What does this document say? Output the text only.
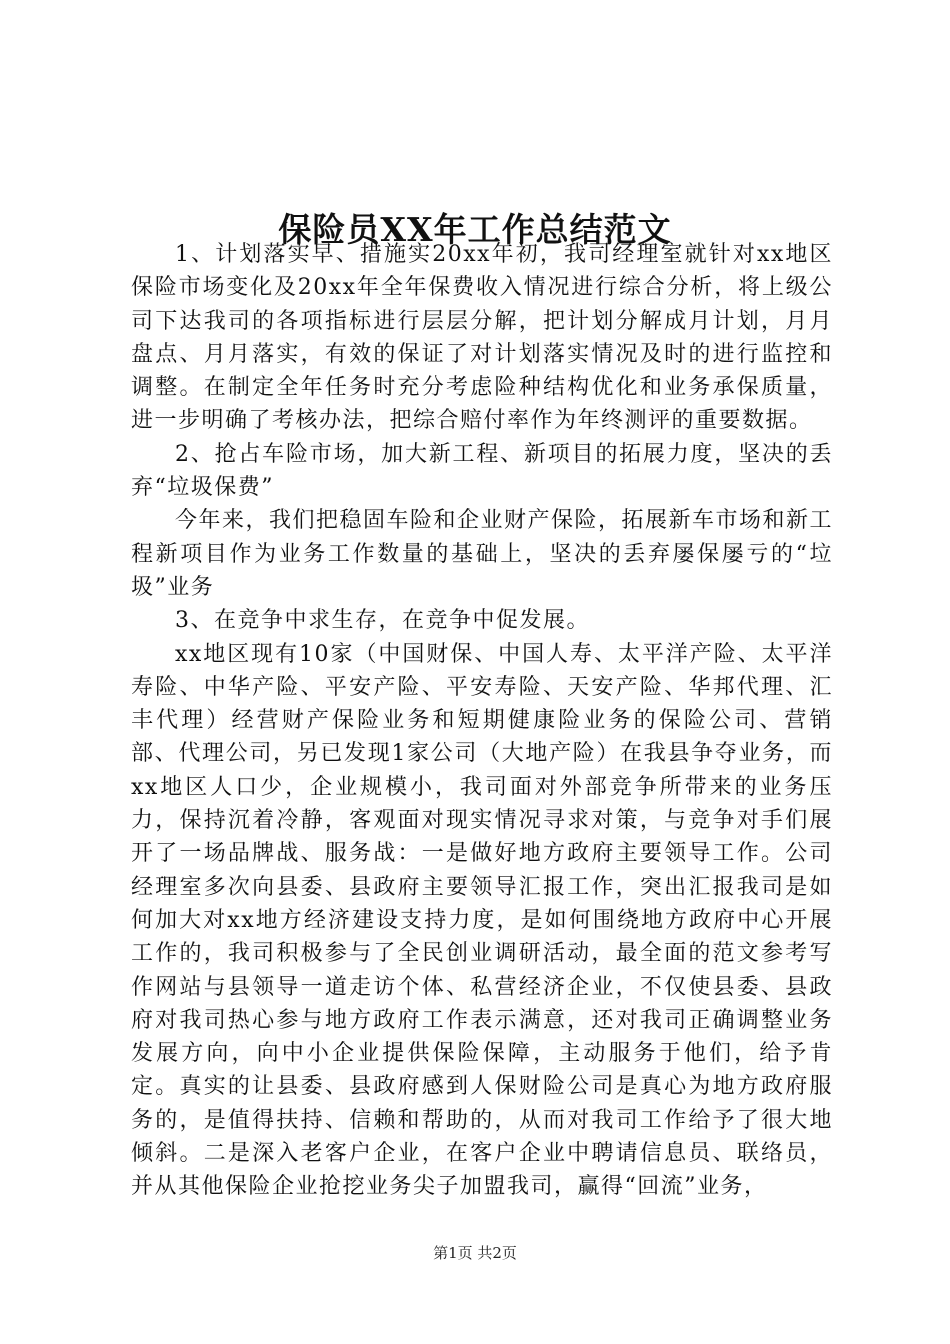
保险员XX年工作总结范文

1、计划落实早、措施实20xx年初，我司经理室就针对xx地区保险市场变化及20xx年全年保费收入情况进行综合分析，将上级公司下达我司的各项指标进行层层分解，把计划分解成月计划，月月盘点、月月落实，有效的保证了对计划落实情况及时的进行监控和调整。在制定全年任务时充分考虑险种结构优化和业务承保质量，进一步明确了考核办法，把综合赔付率作为年终测评的重要数据。

2、抢占车险市场，加大新工程、新项目的拓展力度，坚决的丢弃“垃圾保费”

今年来，我们把稳固车险和企业财产保险，拓展新车市场和新工程新项目作为业务工作数量的基础上，坚决的丢弃屡保屡亏的“垃圾”业务

3、在竞争中求生存，在竞争中促发展。

xx地区现有10家（中国财保、中国人寿、太平洋产险、太平洋寿险、中华产险、平安产险、平安寿险、天安产险、华邦代理、汇丰代理）经营财产保险业务和短期健康险业务的保险公司、营销部、代理公司，另已发现1家公司（大地产险）在我县争夺业务，而xx地区人口少，企业规模小，我司面对外部竞争所带来的业务压力，保持沉着冷静，客观面对现实情况寻求对策，与竞争对手们展开了一场品牌战、服务战：一是做好地方政府主要领导工作。公司经理室多次向县委、县政府主要领导汇报工作，突出汇报我司是如何加大对xx地方经济建设支持力度，是如何围绕地方政府中心开展工作的，我司积极参与了全民创业调研活动，最全面的范文参考写作网站与县领导一道走访个体、私营经济企业，不仅使县委、县政府对我司热心参与地方政府工作表示满意，还对我司正确调整业务发展方向，向中小企业提供保险保障，主动服务于他们，给予肯定。真实的让县委、县政府感到人保财险公司是真心为地方政府服务的，是值得扶持、信赖和帮助的，从而对我司工作给予了很大地倾斜。二是深入老客户企业，在客户企业中聘请信息员、联络员，并从其他保险企业抢挖业务尖子加盟我司，赢得“回流”业务，

第1页 共2页
